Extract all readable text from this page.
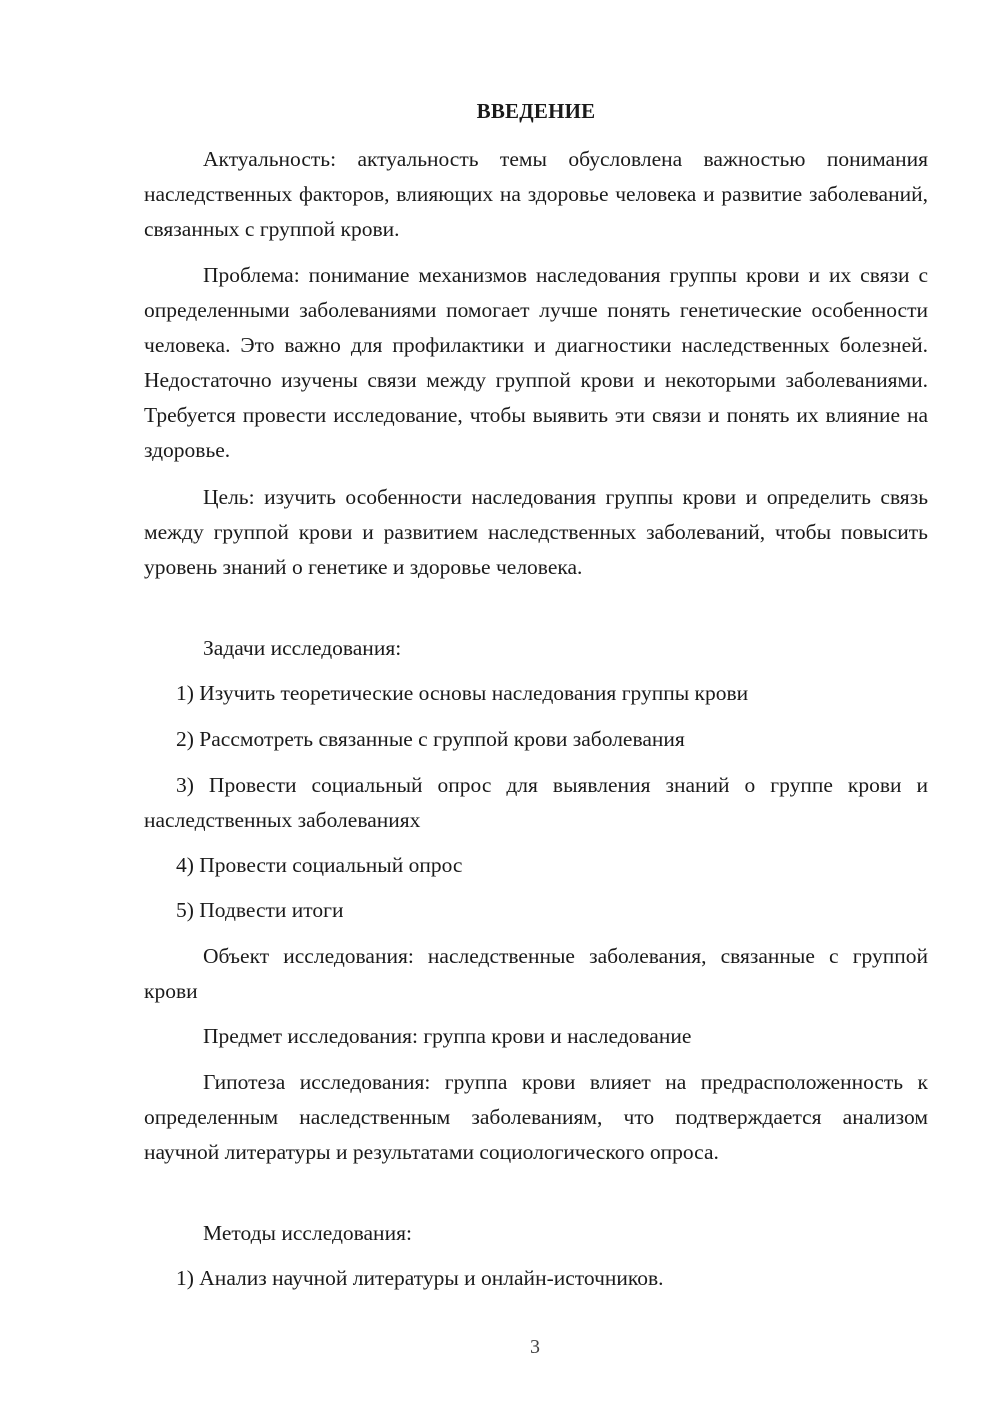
ВВЕДЕНИЕ

Актуальность: актуальность темы обусловлена важностью понимания наследственных факторов, влияющих на здоровье человека и развитие заболеваний, связанных с группой крови.

Проблема: понимание механизмов наследования группы крови и их связи с определенными заболеваниями помогает лучше понять генетические особенности человека. Это важно для профилактики и диагностики наследственных болезней. Недостаточно изучены связи между группой крови и некоторыми заболеваниями. Требуется провести исследование, чтобы выявить эти связи и понять их влияние на здоровье.

Цель: изучить особенности наследования группы крови и определить связь между группой крови и развитием наследственных заболеваний, чтобы повысить уровень знаний о генетике и здоровье человека.

Задачи исследования:

1) Изучить теоретические основы наследования группы крови

2) Рассмотреть связанные с группой крови заболевания

3) Провести социальный опрос для выявления знаний о группе крови и наследственных заболеваниях

4) Провести социальный опрос

5) Подвести итоги

Объект исследования: наследственные заболевания, связанные с группой крови

Предмет исследования: группа крови и наследование

Гипотеза исследования: группа крови влияет на предрасположенность к определенным наследственным заболеваниям, что подтверждается анализом научной литературы и результатами социологического опроса.

Методы исследования:

1) Анализ научной литературы и онлайн-источников.

3
